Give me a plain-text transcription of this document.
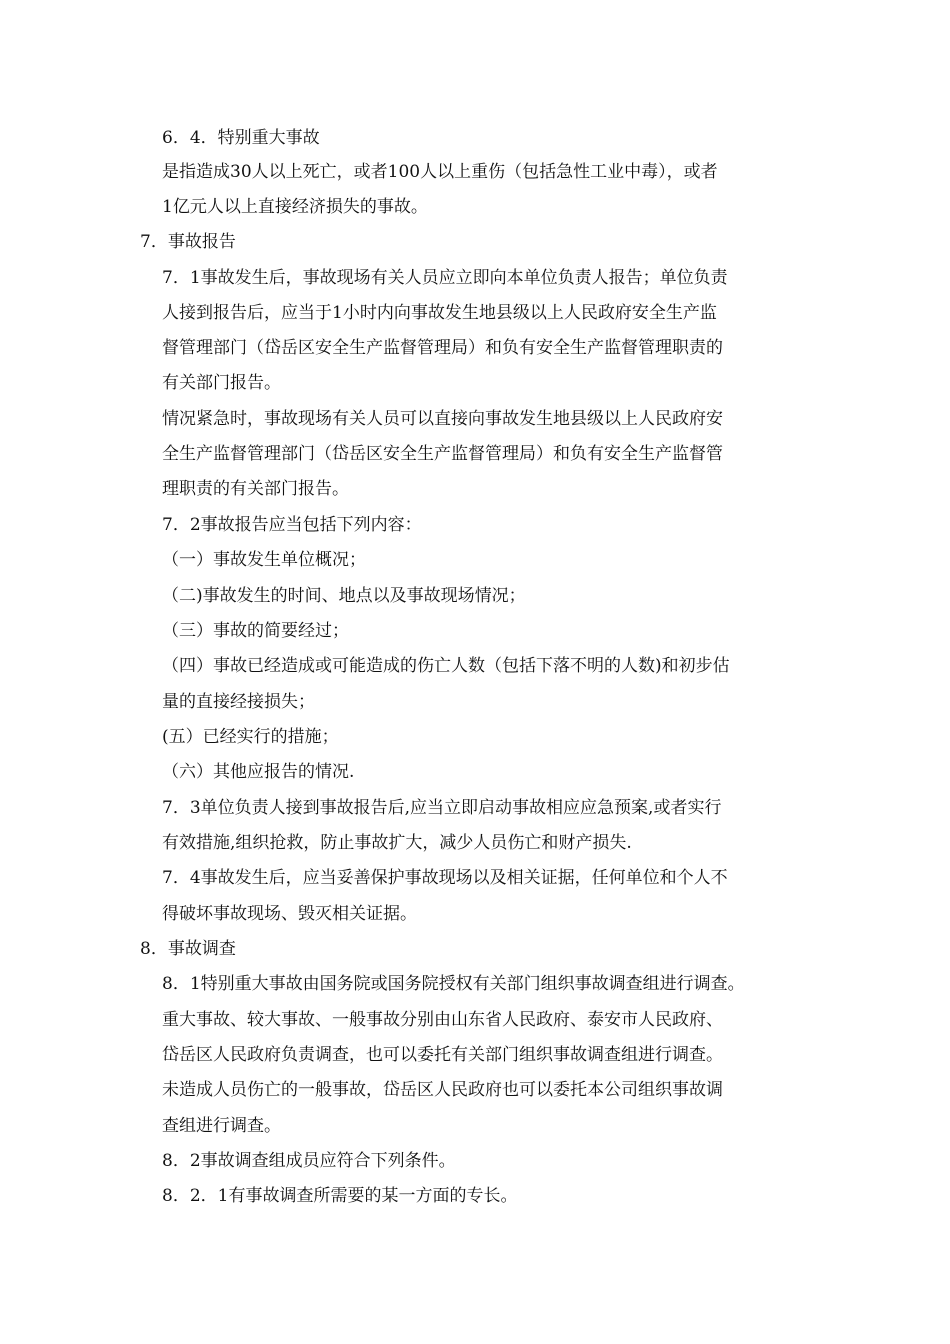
6．4．特别重大事故
是指造成30人以上死亡，或者100人以上重伤（包括急性工业中毒），或者
1亿元人以上直接经济损失的事故。
7．事故报告
7．1事故发生后，事故现场有关人员应立即向本单位负责人报告；单位负责
人接到报告后，应当于1小时内向事故发生地县级以上人民政府安全生产监
督管理部门（岱岳区安全生产监督管理局）和负有安全生产监督管理职责的
有关部门报告。
情况紧急时，事故现场有关人员可以直接向事故发生地县级以上人民政府安
全生产监督管理部门（岱岳区安全生产监督管理局）和负有安全生产监督管
理职责的有关部门报告。
7．2事故报告应当包括下列内容：
（一）事故发生单位概况；
（二)事故发生的时间、地点以及事故现场情况；
（三）事故的简要经过；
（四）事故已经造成或可能造成的伤亡人数（包括下落不明的人数)和初步估
量的直接经接损失；
(五）已经实行的措施；
（六）其他应报告的情况.
7．3单位负责人接到事故报告后,应当立即启动事故相应应急预案,或者实行
有效措施,组织抢救，防止事故扩大，减少人员伤亡和财产损失.
7．4事故发生后，应当妥善保护事故现场以及相关证据，任何单位和个人不
得破坏事故现场、毁灭相关证据。
8．事故调查
8．1特别重大事故由国务院或国务院授权有关部门组织事故调查组进行调查。
重大事故、较大事故、一般事故分别由山东省人民政府、泰安市人民政府、
岱岳区人民政府负责调查，也可以委托有关部门组织事故调查组进行调查。
未造成人员伤亡的一般事故，岱岳区人民政府也可以委托本公司组织事故调
查组进行调查。
8．2事故调查组成员应符合下列条件。
8．2．1有事故调查所需要的某一方面的专长。
